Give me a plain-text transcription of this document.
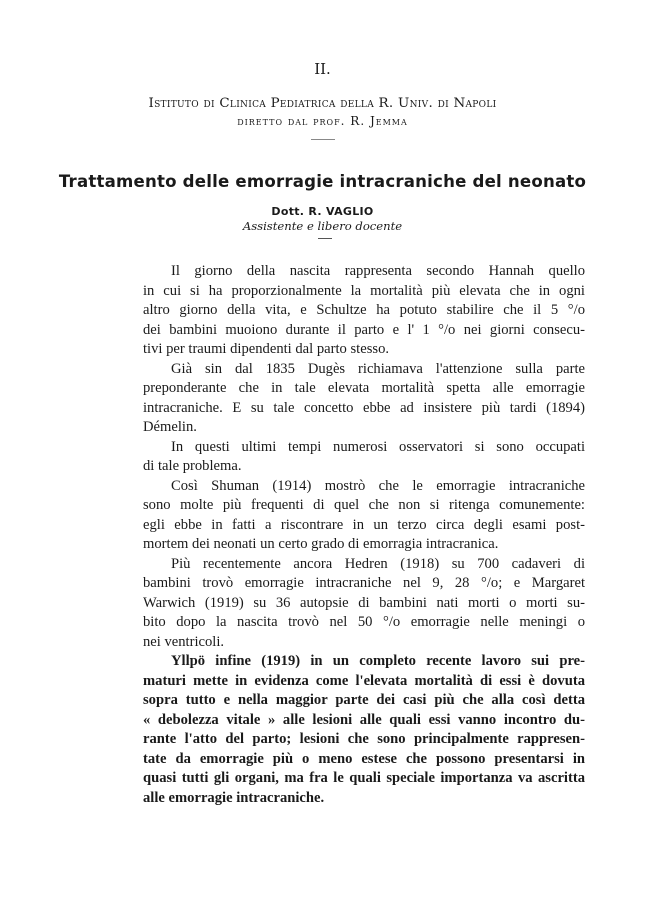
II.
Istituto di Clinica Pediatrica della R. Univ. di Napoli
diretto dal prof. R. Jemma
Trattamento delle emorragie intracraniche del neonato
Dott. R. VAGLIO
Assistente e libero docente
Il giorno della nascita rappresenta secondo Hannah quello
in cui si ha proporzionalmente la mortalità più elevata che in ogni
altro giorno della vita, e Schultze ha potuto stabilire che il 5 °/o
dei bambini muoiono durante il parto e l' 1 °/o nei giorni consecu-
tivi per traumi dipendenti dal parto stesso.
Già sin dal 1835 Dugès richiamava l'attenzione sulla parte
preponderante che in tale elevata mortalità spetta alle emorragie
intracraniche. E su tale concetto ebbe ad insistere più tardi (1894)
Démelin.
In questi ultimi tempi numerosi osservatori si sono occupati
di tale problema.
Così Shuman (1914) mostrò che le emorragie intracraniche
sono molte più frequenti di quel che non si ritenga comunemente:
egli ebbe in fatti a riscontrare in un terzo circa degli esami post-
mortem dei neonati un certo grado di emorragia intracranica.
Più recentemente ancora Hedren (1918) su 700 cadaveri di
bambini trovò emorragie intracraniche nel 9, 28 °/o; e Margaret
Warwich (1919) su 36 autopsie di bambini nati morti o morti su-
bito dopo la nascita trovò nel 50 °/o emorragie nelle meningi o
nei ventricoli.
Yllpö infine (1919) in un completo recente lavoro sui pre-
maturi mette in evidenza come l'elevata mortalità di essi è dovuta
sopra tutto e nella maggior parte dei casi più che alla così detta
« debolezza vitale » alle lesioni alle quali essi vanno incontro du-
rante l'atto del parto; lesioni che sono principalmente rappresen-
tate da emorragie più o meno estese che possono presentarsi in
quasi tutti gli organi, ma fra le quali speciale importanza va ascritta
alle emorragie intracraniche.
